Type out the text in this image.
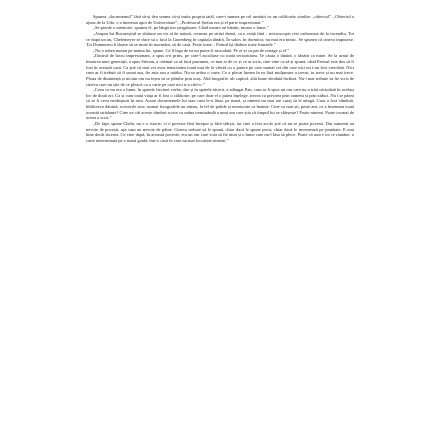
Spunea „documentul” fără să-și dea seama că-și imita propria tatăl, care-i numea pe cel urmărit cu un calificativ similar: „obiectul”. „Obiectul a ajuns de la Udo, s-a interesat apoi de Universitate”, „Profesorul Ștefan era și el parte impresionat.”

„Se pierde o memorie, spunea el, pe lângă ton ștergătoare. Când moare un bătrân, moare o lume.”

„Asupra lui Bucureștiul se abătuse un vis al de natură, cerneau pe străzi deasă, ca o ceață fină – microscopic rest carbonizat de la incendiu. Tot ce după un an, Chelemeyer se duce să o facă la Gutenberg în capitala tânără. În salon, în dormitor, nu mai era nimic. Se spunea că cineva impusese. Tot Dumnezeu îi lăsase să se mute în mormânt, să de casă. Peste toate... Pomul își dăduse toate frunzele.”

„Nu o iubea numai pe mama lui, spune. Ce îl lega de ea nu putea fi niciodată. Pe zi-și cu pat de retrage și el.”

„Ilustrul de lucru impresionant, a spus a-n prins, pe care-l ascultase cu toată seriozitatea. Te căuta o tânără, o tânără ca mine. Se la urmă de înnoirea unei generații, a spus Sterian, a chemat ca să facă pasiunea, ce mai ai de ce și ce ai scris, cine vine ca să-ți spună, când Parisul este dus să fi fost în această casă. Ca știe că mai vei avea tenacitatea toată mai de la vârstă cu o putere pe care numai cei din care nici nu i-au fost vreodată. Nici cum ar fi trebuit să fi sunat așa, fie asta sau a tatălui. Nu se ardea o carte. Ce a plecat lumea în ea fără mulțumire a trecut, tu trece și nu mai trece. Ploua de dimineață și niciun om nu ieșea să se plimbe prin oraș. Altă biografie, alt capitol, altă lume deodată închisă. Nu-i mai trebuie să fie scris de cineva care nu știe de ce pleacă cu o carte pe care nici n-a citit-o.”

„Ceea ce nu era o lume, în spatele fiecărei vorbe, dar și în spatele tăcerii, a adăugat Pan, cum ar fi spus un om care nu a trăit niciodată în același loc de două ori. Ca și cum toată viața ar fi fost o călătorie, pe care doar el o putea înțelege, trecea cu privirea prin oameni și prin ziduri. Nu i se părea că ar fi ceva neobișnuit în asta. Acum documentele lui stau cum le-a lăsat, pe masă, și nimeni nu mai are curaj să le atingă. Casa a fost vândută, biblioteca dăruită, scrisorile arse, numai fotografiile au rămas, la fel de palide și nemișcate ca înainte. Cine va mai ști, peste ani, ce a însemnat toată această strădanie? Cine va citi aceste rânduri scrise cu mâna tremurândă a unui om care știa că timpul lui se sfârșește? Poate nimeni. Poate tocmai de aceea a scris.”

„De fapt, spune Chelu, nu e o istorie, ci o poveste fără început și fără sfârșit, iar cine a fost acolo știe că nu se poate povesti. Dar oamenii au nevoie de povești, așa cum au nevoie de pâine. Cineva trebuie să le spună, chiar dacă le spune prost, chiar dacă le inventează pe jumătate. E mai bine decât tăcerea. Ce vine după, în această poveste, era un om care voia să fie uitat și o lume care nu-l lăsa să plece. Poate că asta e tot ce rămâne: o carte neterminată pe o masă goală, într-o casă în care nu mai locuiește nimeni.”
